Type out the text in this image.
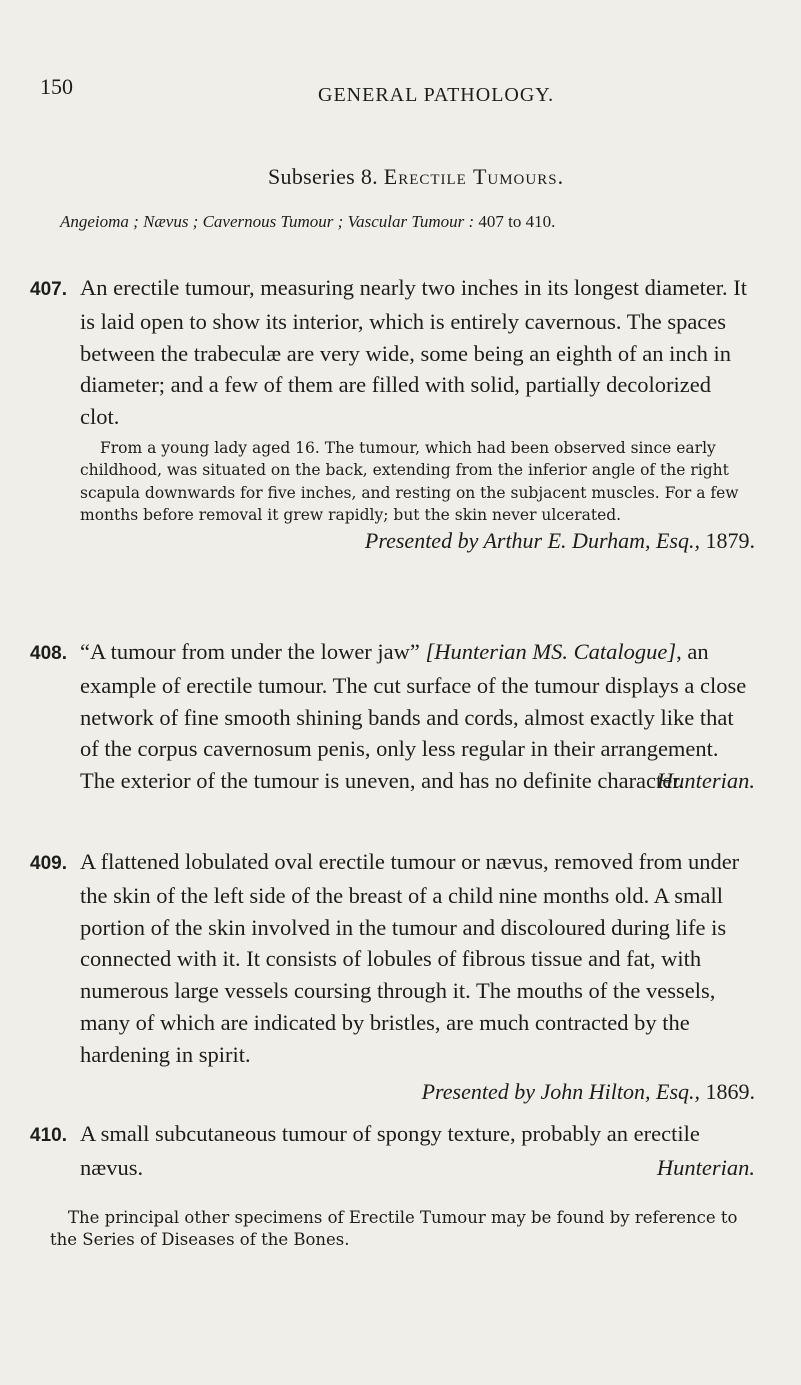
150	GENERAL PATHOLOGY.
Subseries 8. Erectile Tumours.
Angeioma ; Nævus ; Cavernous Tumour ; Vascular Tumour : 407 to 410.

407. An erectile tumour, measuring nearly two inches in its longest diameter. It is laid open to show its interior, which is entirely cavernous. The spaces between the trabeculæ are very wide, some being an eighth of an inch in diameter; and a few of them are filled with solid, partially decolorized clot.

From a young lady aged 16. The tumour, which had been observed since early childhood, was situated on the back, extending from the inferior angle of the right scapula downwards for five inches, and resting on the subjacent muscles. For a few months before removal it grew rapidly; but the skin never ulcerated.

Presented by Arthur E. Durham, Esq., 1879.

408. “A tumour from under the lower jaw” [Hunterian MS. Catalogue], an example of erectile tumour. The cut surface of the tumour displays a close network of fine smooth shining bands and cords, almost exactly like that of the corpus cavernosum penis, only less regular in their arrangement. The exterior of the tumour is uneven, and has no definite character.
Hunterian.

409. A flattened lobulated oval erectile tumour or nævus, removed from under the skin of the left side of the breast of a child nine months old. A small portion of the skin involved in the tumour and discoloured during life is connected with it. It consists of lobules of fibrous tissue and fat, with numerous large vessels coursing through it. The mouths of the vessels, many of which are indicated by bristles, are much contracted by the hardening in spirit.

Presented by John Hilton, Esq., 1869.

410. A small subcutaneous tumour of spongy texture, probably an erectile nævus.	Hunterian.

The principal other specimens of Erectile Tumour may be found by reference to the Series of Diseases of the Bones.
